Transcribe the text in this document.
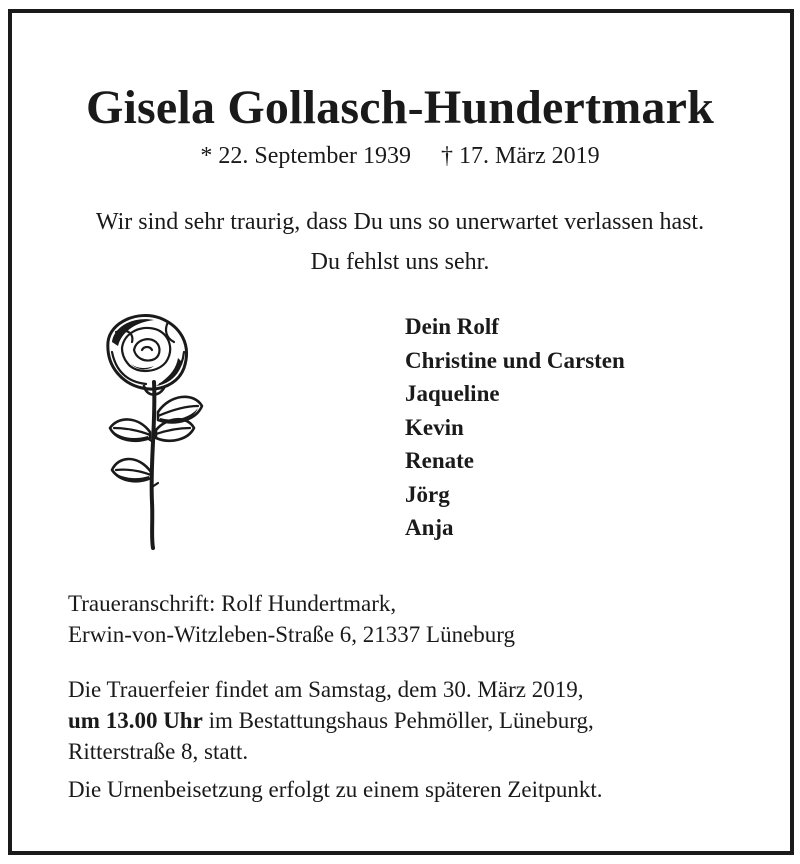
Gisela Gollasch-Hundertmark
* 22. September 1939 † 17. März 2019
Wir sind sehr traurig, dass Du uns so unerwartet verlassen hast.
Du fehlst uns sehr.
Dein Rolf
Christine und Carsten
Jaqueline
Kevin
Renate
Jörg
Anja
Traueranschrift: Rolf Hundertmark,
Erwin-von-Witzleben-Straße 6, 21337 Lüneburg
Die Trauerfeier findet am Samstag, dem 30. März 2019,
um 13.00 Uhr im Bestattungshaus Pehmöller, Lüneburg,
Ritterstraße 8, statt.
Die Urnenbeisetzung erfolgt zu einem späteren Zeitpunkt.
